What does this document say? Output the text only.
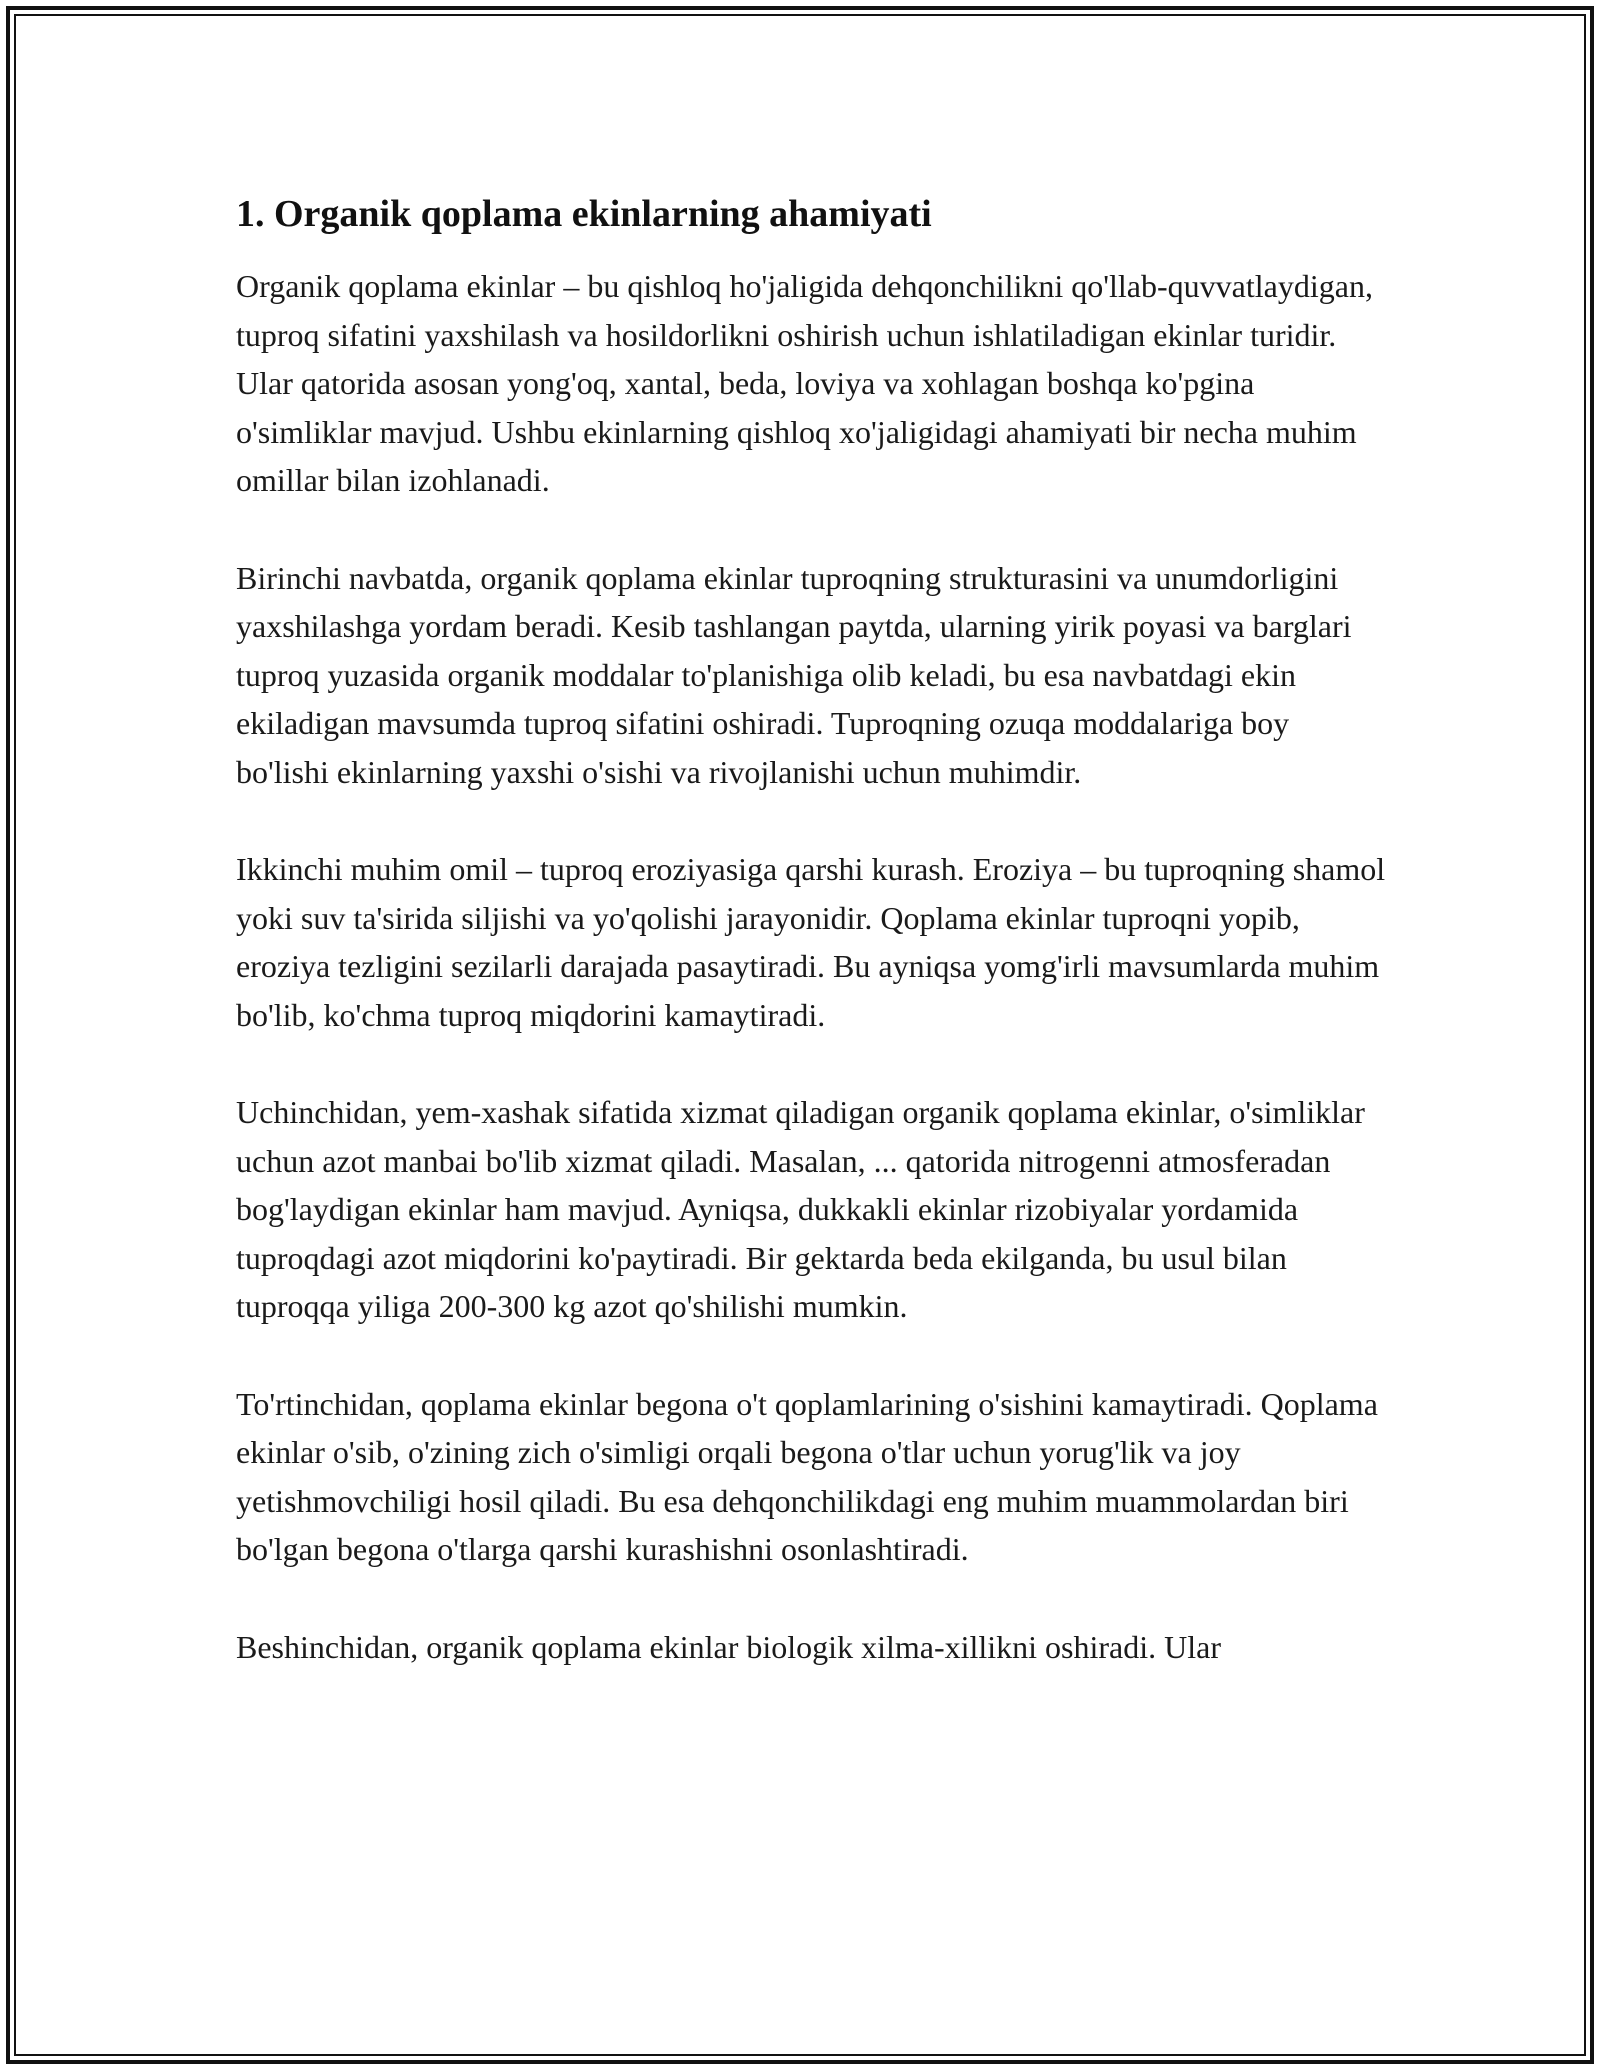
1. Organik qoplama ekinlarning ahamiyati

Organik qoplama ekinlar – bu qishloq ho'jaligida dehqonchilikni qo'llab-quvvatlaydigan, tuproq sifatini yaxshilash va hosildorlikni oshirish uchun ishlatiladigan ekinlar turidir. Ular qatorida asosan yong'oq, xantal, beda, loviya va xohlagan boshqa ko'pgina o'simliklar mavjud. Ushbu ekinlarning qishloq xo'jaligidagi ahamiyati bir necha muhim omillar bilan izohlanadi.

Birinchi navbatda, organik qoplama ekinlar tuproqning strukturasini va unumdorligini yaxshilashga yordam beradi. Kesib tashlangan paytda, ularning yirik poyasi va barglari tuproq yuzasida organik moddalar to'planishiga olib keladi, bu esa navbatdagi ekin ekiladigan mavsumda tuproq sifatini oshiradi. Tuproqning ozuqa moddalariga boy bo'lishi ekinlarning yaxshi o'sishi va rivojlanishi uchun muhimdir.

Ikkinchi muhim omil – tuproq eroziyasiga qarshi kurash. Eroziya – bu tuproqning shamol yoki suv ta'sirida siljishi va yo'qolishi jarayonidir. Qoplama ekinlar tuproqni yopib, eroziya tezligini sezilarli darajada pasaytiradi. Bu ayniqsa yomg'irli mavsumlarda muhim bo'lib, ko'chma tuproq miqdorini kamaytiradi.

Uchinchidan, yem-xashak sifatida xizmat qiladigan organik qoplama ekinlar, o'simliklar uchun azot manbai bo'lib xizmat qiladi. Masalan, ... qatorida nitrogenni atmosferadan bog'laydigan ekinlar ham mavjud. Ayniqsa, dukkakli ekinlar rizobiyalar yordamida tuproqdagi azot miqdorini ko'paytiradi. Bir gektarda beda ekilganda, bu usul bilan tuproqqa yiliga 200-300 kg azot qo'shilishi mumkin.

To'rtinchidan, qoplama ekinlar begona o't qoplamlarining o'sishini kamaytiradi. Qoplama ekinlar o'sib, o'zining zich o'simligi orqali begona o'tlar uchun yorug'lik va joy yetishmovchiligi hosil qiladi. Bu esa dehqonchilikdagi eng muhim muammolardan biri bo'lgan begona o'tlarga qarshi kurashishni osonlashtiradi.

Beshinchidan, organik qoplama ekinlar biologik xilma-xillikni oshiradi. Ular
